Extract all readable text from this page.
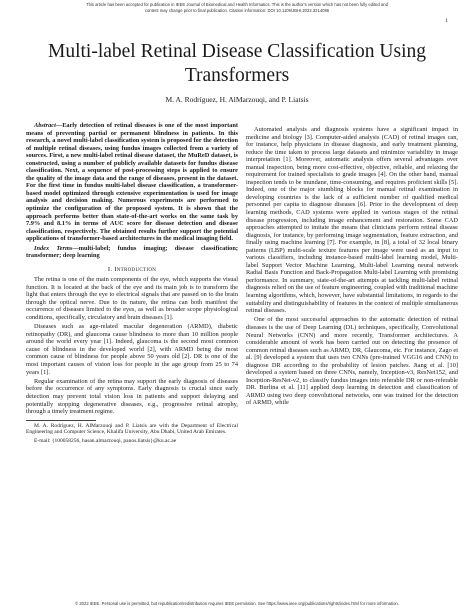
This article has been accepted for publication in IEEE Journal of Biomedical and Health Informatics. This is the author's version which has not been fully edited and
content may change prior to final publication. Citation information: DOI 10.1109/JBHI.2022.3214086
1
Multi-label Retinal Disease Classification Using
Transformers
M. A. Rodríguez, H. AlMarzouqi, and P. Liatsis

Abstract—Early detection of retinal diseases is one of the most important means of preventing partial or permanent blindness in patients. In this research, a novel multi-label classification system is proposed for the detection of multiple retinal diseases, using fundus images collected from a variety of sources. First, a new multi-label retinal disease dataset, the MuReD dataset, is constructed, using a number of publicly available datasets for fundus disease classification. Next, a sequence of post-processing steps is applied to ensure the quality of the image data and the range of diseases, present in the dataset. For the first time in fundus multi-label disease classification, a transformer-based model optimized through extensive experimentation is used for image analysis and decision making. Numerous experiments are performed to optimize the configuration of the proposed system. It is shown that the approach performs better than state-of-the-art works on the same task by 7.9% and 8.1% in terms of AUC score for disease detection and disease classification, respectively. The obtained results further support the potential applications of transformer-based architectures in the medical imaging field.

Index Terms—multi-label; fundus imaging; disease classification; transformer; deep learning

I. Introduction

The retina is one of the main components of the eye, which supports the visual function. It is located at the back of the eye and its main job is to transform the light that enters through the eye to electrical signals that are passed on to the brain through the optical nerve. Due to its nature, the retina can both manifest the occurrence of diseases limited to the eyes, as well as broader scope physiological conditions, specifically, circulatory and brain diseases [1].

Diseases such as age-related macular degeneration (ARMD), diabetic retinopathy (DR), and glaucoma cause blindness to more than 10 million people around the world every year [1]. Indeed, glaucoma is the second most common cause of blindness in the developed world [2], with ARMD being the most common cause of blindness for people above 50 years old [2]. DR is one of the most important causes of vision loss for people in the age group from 25 to 74 years [1].

Regular examination of the retina may support the early diagnosis of diseases before the occurrence of any symptoms. Early diagnosis is crucial since early detection may prevent total vision loss in patients and support delaying and potentially stopping degenerative diseases, e.g., progressive retinal atrophy, through a timely treatment regime.

M. A. Rodríguez, H. AlMarzouqi and P. Liatsis are with the Department of Electrical Engineering and Computer Science, Khalifa University, Abu Dhabi, United Arab Emirates.

E-mail: {100058256, hasan.almarzouqi, panos.liatsis}@ku.ac.ae

Automated analysis and diagnosis systems have a significant impact in medicine and biology [3]. Computer-aided analysis (CAD) of retinal images can, for instance, help physicians in disease diagnosis, and early treatment planning, reduce the time taken to process large datasets and minimize variability in image interpretation [1]. Moreover, automatic analysis offers several advantages over manual inspection, being more cost-effective, objective, reliable, and relaxing the requirement for trained specialists to grade images [4]. On the other hand, manual inspection tends to be mundane, time-consuming, and requires proficient skills [5]. Indeed, one of the major stumbling blocks for manual retinal examination in developing countries is the lack of a sufficient number of qualified medical personnel per capita to diagnose diseases [6]. Prior to the development of deep learning methods, CAD systems were applied in various stages of the retinal disease progression, including image enhancement and restoration. Some CAD approaches attempted to imitate the means that clinicians perform retinal disease diagnosis, for instance, by performing image segmentation, feature extraction, and finally using machine learning [7]. For example, in [8], a total of 32 local binary patterns (LBP) multi-scale texture features per image were used as an input to various classifiers, including instance-based multi-label learning model, Multi-label Support Vector Machine Learning, Multi-label Learning neural network Radial Basis Function and Back-Propagation Multi-label Learning with promising performance. In summary, state-of-the-art attempts at tackling multi-label retinal diagnosis relied on the use of feature engineering, coupled with traditional machine learning algorithms, which, however, have substantial limitations, in regards to the suitability and distinguishability of features in the context of multiple simultaneous retinal diseases.

One of the most successful approaches to the automatic detection of retinal diseases is the use of Deep Learning (DL) techniques, specifically, Convolutional Neural Networks (CNN) and more recently, Transformer architectures. A considerable amount of work has been carried out on detecting the presence of common retinal diseases such as ARMD, DR, Glaucoma, etc. For instance, Zago et al. [9] developed a system that uses two CNNs (pre-trained VGG16 and CNN) to diagnose DR according to the probability of lesion patches. Jiang et al. [10] developed a system based on three CNNs, namely, Inception-v3, ResNet152, and Inception-ResNet-v2, to classify fundus images into referable DR or non-referable DR. Burlina et al. [11] applied deep learning in detection and classification of ARMD using two deep convolutional networks, one was trained for the detection of ARMD, while

© 2022 IEEE. Personal use is permitted, but republication/redistribution requires IEEE permission. See https://www.ieee.org/publications/rights/index.html for more information.
